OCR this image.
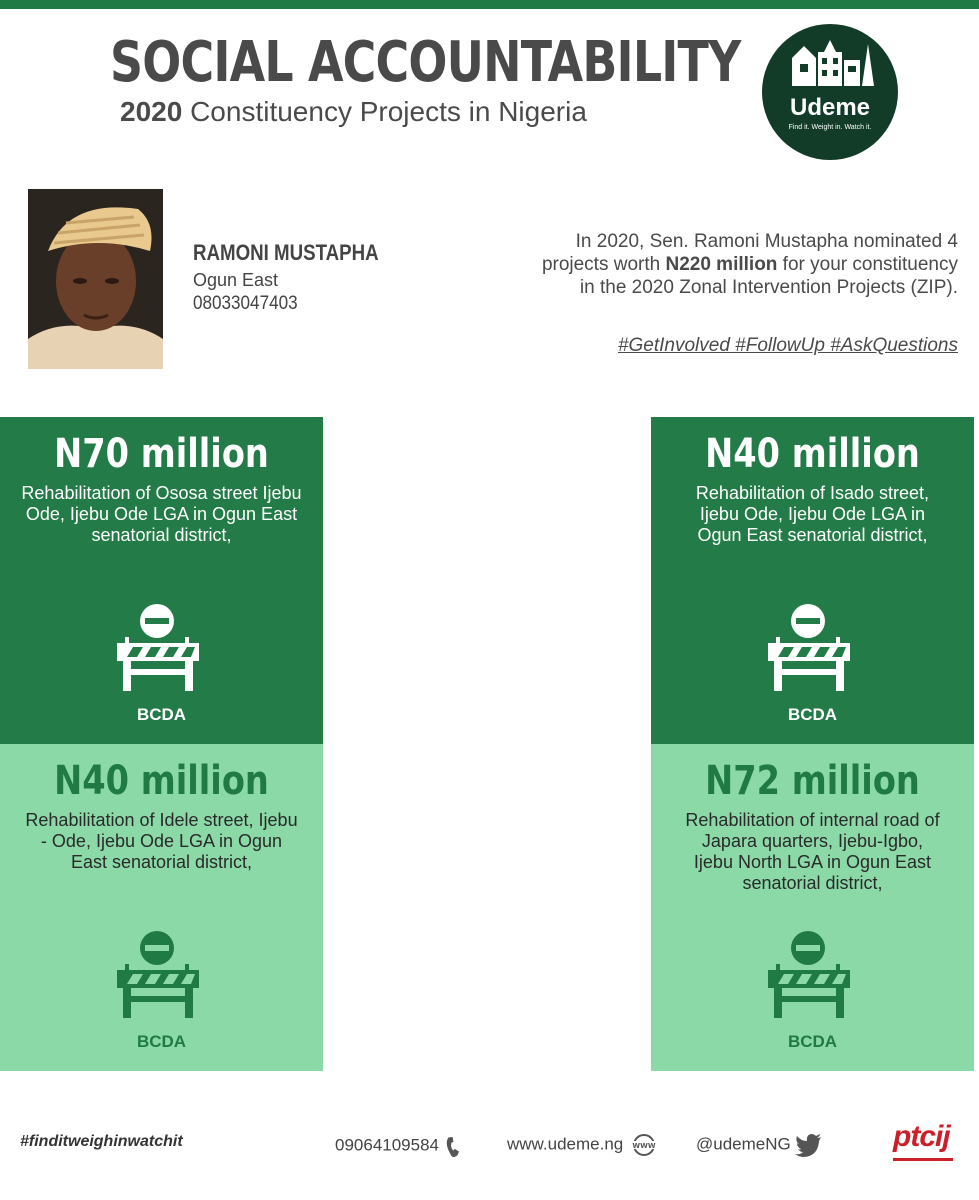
SOCIAL ACCOUNTABILITY
2020 Constituency Projects in Nigeria	Udeme
Find it. Weight in. Watch it.
RAMONI MUSTAPHA
Ogun East
08033047403
In 2020, Sen. Ramoni Mustapha nominated 4 projects worth N220 million for your constituency in the 2020 Zonal Intervention Projects (ZIP).
#GetInvolved #FollowUp #AskQuestions
N70 million
Rehabilitation of Ososa street Ijebu Ode, Ijebu Ode LGA in Ogun East senatorial district,
BCDA
N40 million
Rehabilitation of Isado street, Ijebu Ode, Ijebu Ode LGA in Ogun East senatorial district,
BCDA
N40 million
Rehabilitation of Idele street, Ijebu - Ode, Ijebu Ode LGA in Ogun East senatorial district,
BCDA
N72 million
Rehabilitation of internal road of Japara quarters, Ijebu-Igbo, Ijebu North LGA in Ogun East senatorial district,
BCDA
#finditweighinwatchit	09064109584	www.udeme.ng WWW @udemeNG	ptcij
